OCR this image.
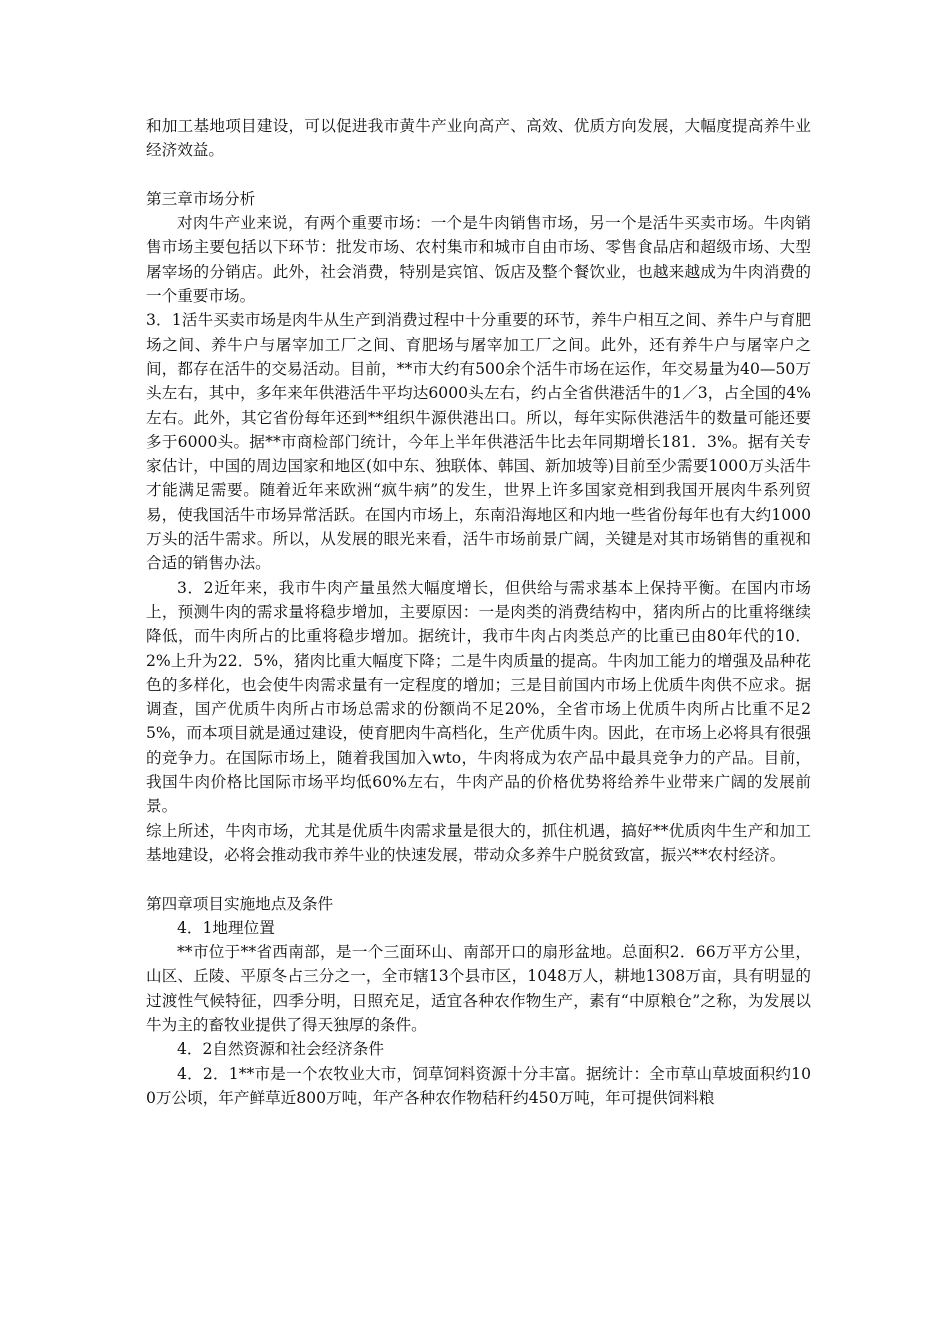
和加工基地项目建设，可以促进我市黄牛产业向高产、高效、优质方向发展，大幅度提高养牛业经济效益。

第三章市场分析

对肉牛产业来说，有两个重要市场：一个是牛肉销售市场，另一个是活牛买卖市场。牛肉销售市场主要包括以下环节：批发市场、农村集市和城市自由市场、零售食品店和超级市场、大型屠宰场的分销店。此外，社会消费，特别是宾馆、饭店及整个餐饮业，也越来越成为牛肉消费的一个重要市场。

3．1活牛买卖市场是肉牛从生产到消费过程中十分重要的环节，养牛户相互之间、养牛户与育肥场之间、养牛户与屠宰加工厂之间、育肥场与屠宰加工厂之间。此外，还有养牛户与屠宰户之间，都存在活牛的交易活动。目前，**市大约有500余个活牛市场在运作，年交易量为40—50万头左右，其中，多年来年供港活牛平均达6000头左右，约占全省供港活牛的1／3，占全国的4%左右。此外，其它省份每年还到**组织牛源供港出口。所以，每年实际供港活牛的数量可能还要多于6000头。据**市商检部门统计，今年上半年供港活牛比去年同期增长181．3%。据有关专家估计，中国的周边国家和地区(如中东、独联体、韩国、新加坡等)目前至少需要1000万头活牛才能满足需要。随着近年来欧洲“疯牛病”的发生，世界上许多国家竞相到我国开展肉牛系列贸易，使我国活牛市场异常活跃。在国内市场上，东南沿海地区和内地一些省份每年也有大约1000万头的活牛需求。所以，从发展的眼光来看，活牛市场前景广阔，关键是对其市场销售的重视和合适的销售办法。

3．2近年来，我市牛肉产量虽然大幅度增长，但供给与需求基本上保持平衡。在国内市场上，预测牛肉的需求量将稳步增加，主要原因：一是肉类的消费结构中，猪肉所占的比重将继续降低，而牛肉所占的比重将稳步增加。据统计，我市牛肉占肉类总产的比重已由80年代的10．2%上升为22．5%，猪肉比重大幅度下降；二是牛肉质量的提高。牛肉加工能力的增强及品种花色的多样化，也会使牛肉需求量有一定程度的增加；三是目前国内市场上优质牛肉供不应求。据调查，国产优质牛肉所占市场总需求的份额尚不足20%，全省市场上优质牛肉所占比重不足25%，而本项目就是通过建设，使育肥肉牛高档化，生产优质牛肉。因此，在市场上必将具有很强的竞争力。在国际市场上，随着我国加入wto，牛肉将成为农产品中最具竞争力的产品。目前，我国牛肉价格比国际市场平均低60%左右，牛肉产品的价格优势将给养牛业带来广阔的发展前景。

综上所述，牛肉市场，尤其是优质牛肉需求量是很大的，抓住机遇，搞好**优质肉牛生产和加工基地建设，必将会推动我市养牛业的快速发展，带动众多养牛户脱贫致富，振兴**农村经济。

第四章项目实施地点及条件

4．1地理位置

**市位于**省西南部，是一个三面环山、南部开口的扇形盆地。总面积2．66万平方公里，山区、丘陵、平原冬占三分之一，全市辖13个县市区，1048万人，耕地1308万亩，具有明显的过渡性气候特征，四季分明，日照充足，适宜各种农作物生产，素有“中原粮仓”之称，为发展以牛为主的畜牧业提供了得天独厚的条件。

4．2自然资源和社会经济条件

4．2．1**市是一个农牧业大市，饲草饲料资源十分丰富。据统计：全市草山草坡面积约100万公顷，年产鲜草近800万吨，年产各种农作物秸秆约450万吨，年可提供饲料粮
